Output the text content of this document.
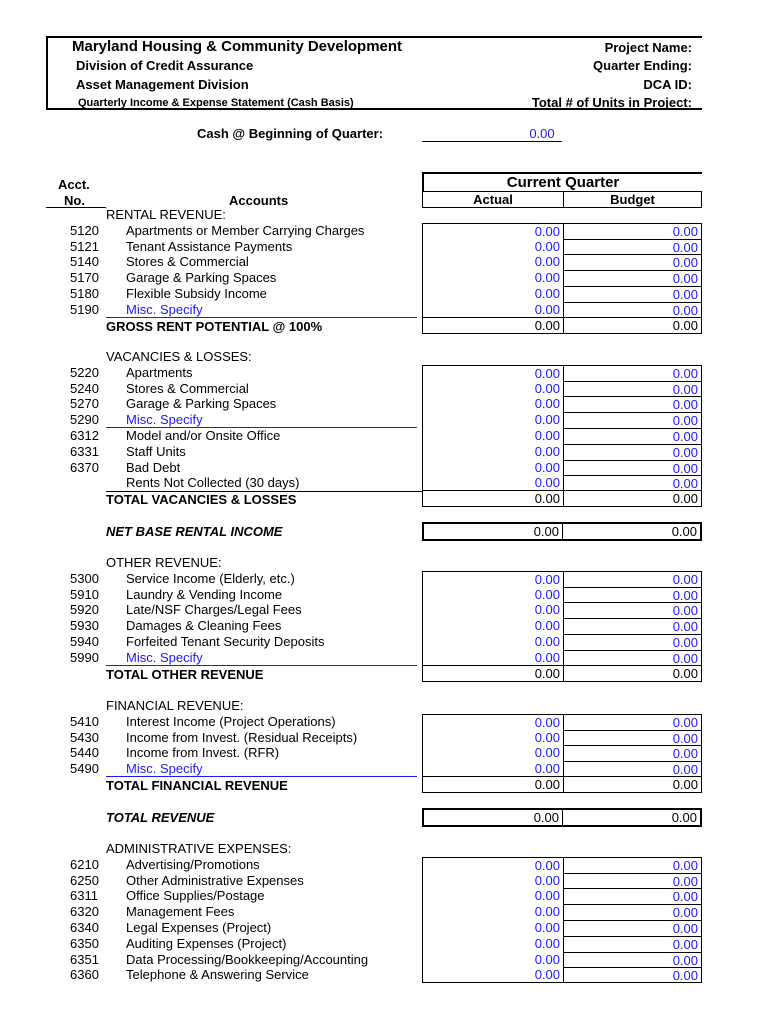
Maryland Housing & Community Development
Division of Credit Assurance
Asset Management Division
Quarterly Income & Expense Statement (Cash Basis)
Project Name:
Quarter Ending:
DCA ID:
Total # of Units in Project:
Cash @ Beginning of Quarter:	0.00
Acct.
No.	Accounts
Current Quarter
Actual	Budget
RENTAL REVENUE:
5120	Apartments or Member Carrying Charges	0.00	0.00
5121	Tenant Assistance Payments	0.00	0.00
5140	Stores & Commercial	0.00	0.00
5170	Garage & Parking Spaces	0.00	0.00
5180	Flexible Subsidy Income	0.00	0.00
5190	Misc. Specify	0.00	0.00
GROSS RENT POTENTIAL @ 100%	0.00	0.00
VACANCIES & LOSSES:
5220	Apartments	0.00	0.00
5240	Stores & Commercial	0.00	0.00
5270	Garage & Parking Spaces	0.00	0.00
5290	Misc. Specify	0.00	0.00
6312	Model and/or Onsite Office	0.00	0.00
6331	Staff Units	0.00	0.00
6370	Bad Debt	0.00	0.00
Rents Not Collected (30 days)	0.00	0.00
TOTAL VACANCIES & LOSSES	0.00	0.00
NET BASE RENTAL INCOME	0.00	0.00
OTHER REVENUE:
5300	Service Income (Elderly, etc.)	0.00	0.00
5910	Laundry & Vending Income	0.00	0.00
5920	Late/NSF Charges/Legal Fees	0.00	0.00
5930	Damages & Cleaning Fees	0.00	0.00
5940	Forfeited Tenant Security Deposits	0.00	0.00
5990	Misc. Specify	0.00	0.00
TOTAL OTHER REVENUE	0.00	0.00
FINANCIAL REVENUE:
5410	Interest Income (Project Operations)	0.00	0.00
5430	Income from Invest. (Residual Receipts)	0.00	0.00
5440	Income from Invest. (RFR)	0.00	0.00
5490	Misc. Specify	0.00	0.00
TOTAL FINANCIAL REVENUE	0.00	0.00
TOTAL REVENUE	0.00	0.00
ADMINISTRATIVE EXPENSES:
6210	Advertising/Promotions	0.00	0.00
6250	Other Administrative Expenses	0.00	0.00
6311	Office Supplies/Postage	0.00	0.00
6320	Management Fees	0.00	0.00
6340	Legal Expenses (Project)	0.00	0.00
6350	Auditing Expenses (Project)	0.00	0.00
6351	Data Processing/Bookkeeping/Accounting	0.00	0.00
6360	Telephone & Answering Service	0.00	0.00
